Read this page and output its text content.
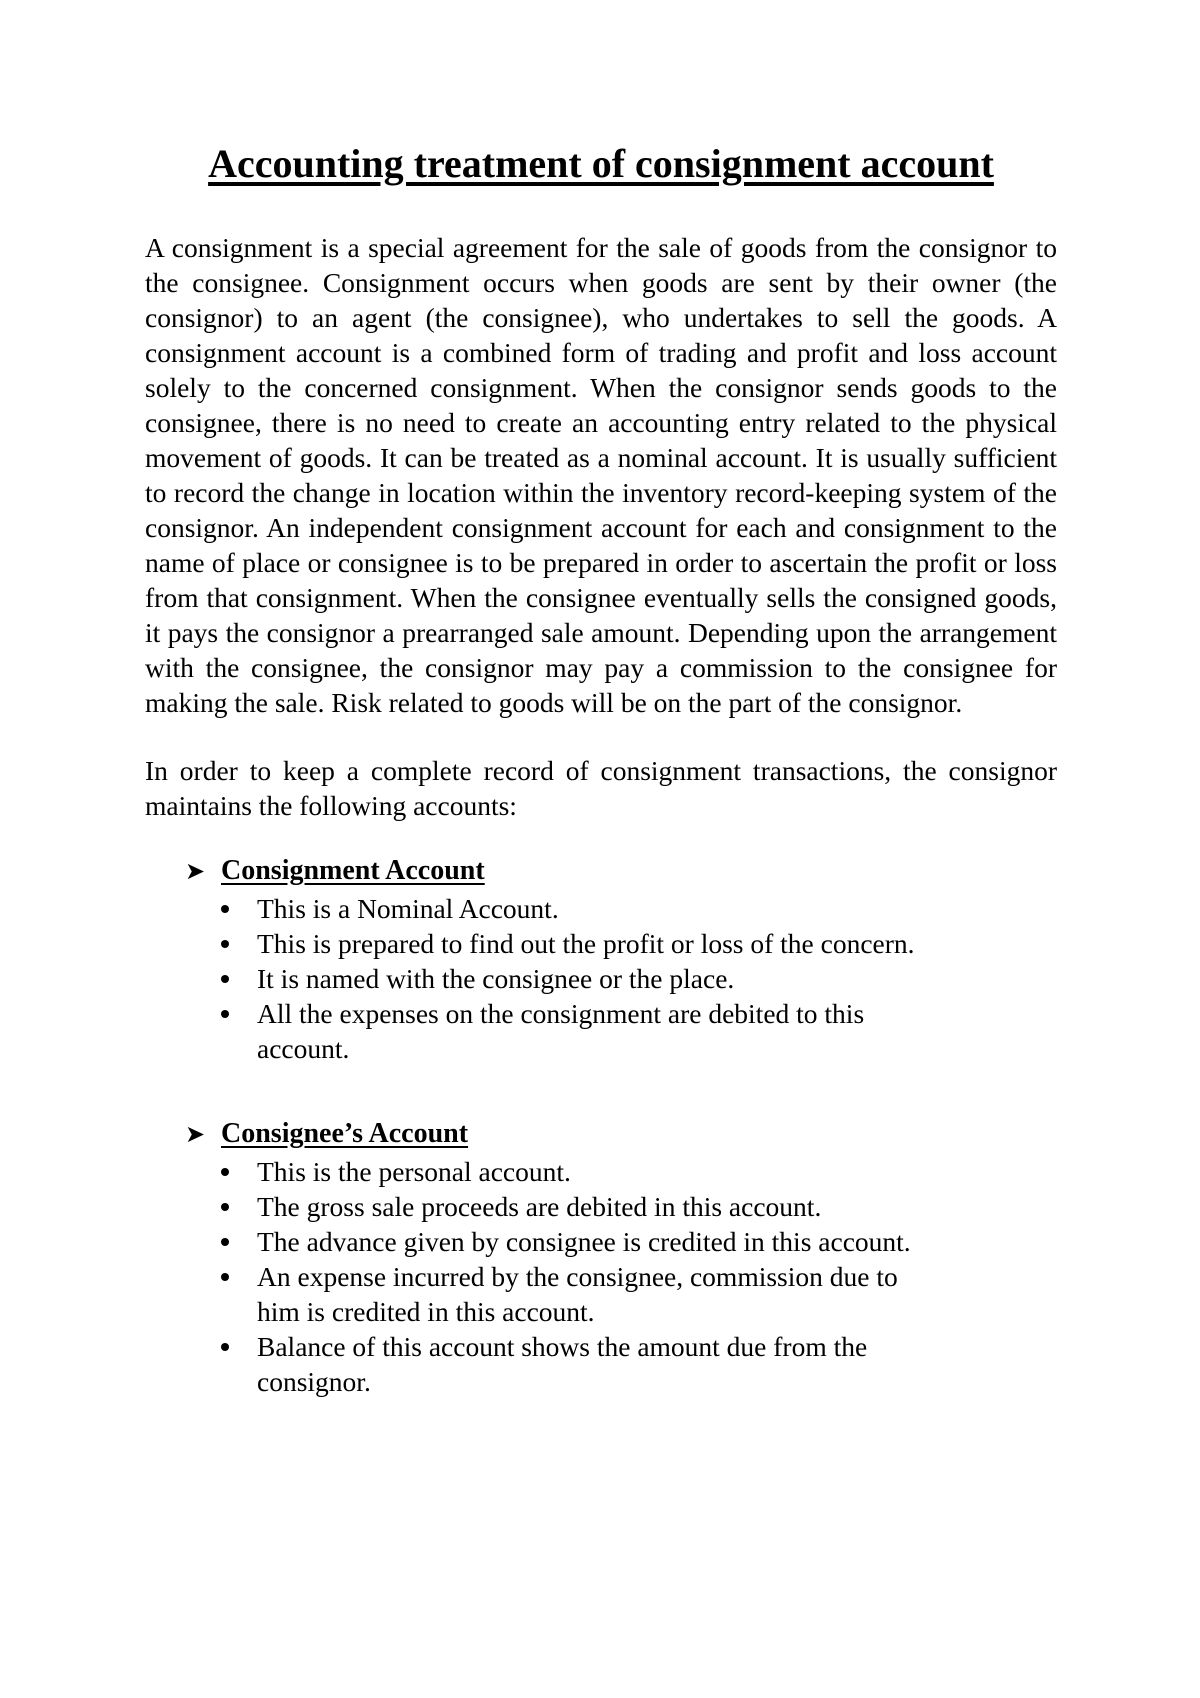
Accounting treatment of consignment account

A consignment is a special agreement for the sale of goods from the consignor to the consignee. Consignment occurs when goods are sent by their owner (the consignor) to an agent (the consignee), who undertakes to sell the goods. A consignment account is a combined form of trading and profit and loss account solely to the concerned consignment. When the consignor sends goods to the consignee, there is no need to create an accounting entry related to the physical movement of goods. It can be treated as a nominal account. It is usually sufficient to record the change in location within the inventory record-keeping system of the consignor. An independent consignment account for each and consignment to the name of place or consignee is to be prepared in order to ascertain the profit or loss from that consignment. When the consignee eventually sells the consigned goods, it pays the consignor a prearranged sale amount. Depending upon the arrangement with the consignee, the consignor may pay a commission to the consignee for making the sale. Risk related to goods will be on the part of the consignor.

In order to keep a complete record of consignment transactions, the consignor maintains the following accounts:

➤ Consignment Account
This is a Nominal Account.
This is prepared to find out the profit or loss of the concern.
It is named with the consignee or the place.
All the expenses on the consignment are debited to this account.
➤ Consignee’s Account
This is the personal account.
The gross sale proceeds are debited in this account.
The advance given by consignee is credited in this account.
An expense incurred by the consignee, commission due to him is credited in this account.
Balance of this account shows the amount due from the consignor.
